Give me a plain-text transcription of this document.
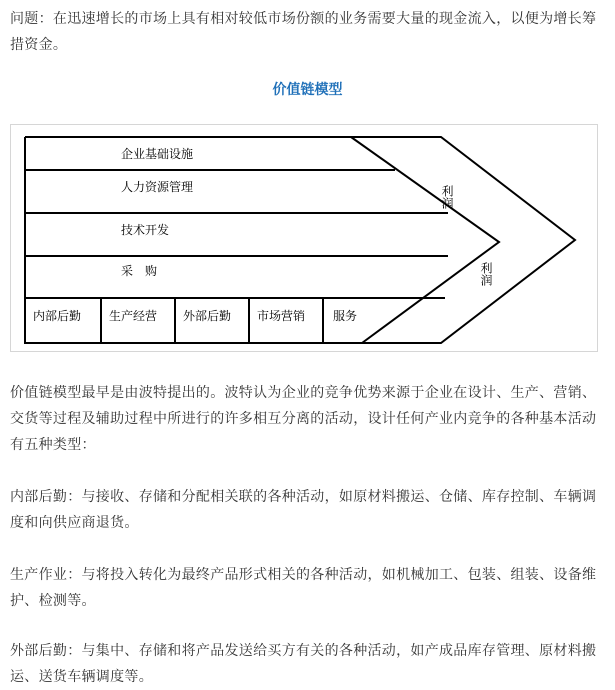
问题：在迅速增长的市场上具有相对较低市场份额的业务需要大量的现金流入，以便为增长筹措资金。

价值链模型

企业基础设施
人力资源管理
技术开发
采　购
内部后勤 生产经营 外部后勤 市场营销 服务
利润
利润

价值链模型最早是由波特提出的。波特认为企业的竞争优势来源于企业在设计、生产、营销、交货等过程及辅助过程中所进行的许多相互分离的活动，设计任何产业内竞争的各种基本活动有五种类型：

内部后勤：与接收、存储和分配相关联的各种活动，如原材料搬运、仓储、库存控制、车辆调度和向供应商退货。

生产作业：与将投入转化为最终产品形式相关的各种活动，如机械加工、包装、组装、设备维护、检测等。

外部后勤：与集中、存储和将产品发送给买方有关的各种活动，如产成品库存管理、原材料搬运、送货车辆调度等。
